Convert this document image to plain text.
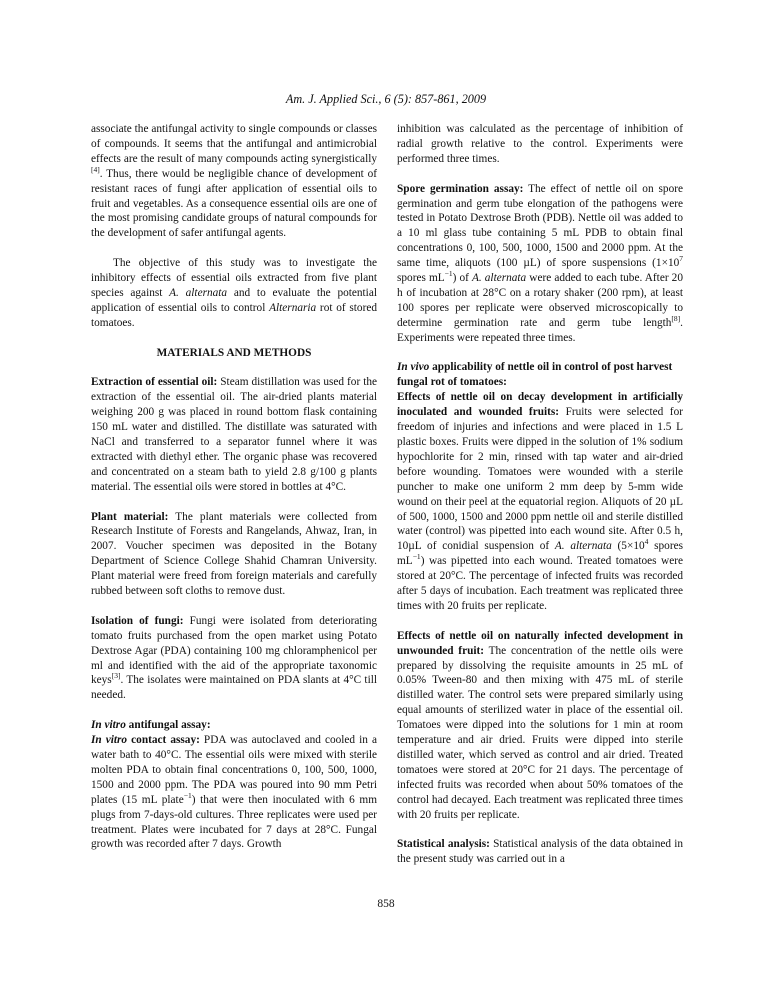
Am. J. Applied Sci., 6 (5): 857-861, 2009

associate the antifungal activity to single compounds or classes of compounds. It seems that the antifungal and antimicrobial effects are the result of many compounds acting synergistically [4]. Thus, there would be negligible chance of development of resistant races of fungi after application of essential oils to fruit and vegetables. As a consequence essential oils are one of the most promising candidate groups of natural compounds for the development of safer antifungal agents.

The objective of this study was to investigate the inhibitory effects of essential oils extracted from five plant species against A. alternata and to evaluate the potential application of essential oils to control Alternaria rot of stored tomatoes.

MATERIALS AND METHODS

Extraction of essential oil: Steam distillation was used for the extraction of the essential oil. The air-dried plants material weighing 200 g was placed in round bottom flask containing 150 mL water and distilled. The distillate was saturated with NaCl and transferred to a separator funnel where it was extracted with diethyl ether. The organic phase was recovered and concentrated on a steam bath to yield 2.8 g/100 g plants material. The essential oils were stored in bottles at 4°C.

Plant material: The plant materials were collected from Research Institute of Forests and Rangelands, Ahwaz, Iran, in 2007. Voucher specimen was deposited in the Botany Department of Science College Shahid Chamran University. Plant material were freed from foreign materials and carefully rubbed between soft cloths to remove dust.

Isolation of fungi: Fungi were isolated from deteriorating tomato fruits purchased from the open market using Potato Dextrose Agar (PDA) containing 100 mg chloramphenicol per ml and identified with the aid of the appropriate taxonomic keys[3]. The isolates were maintained on PDA slants at 4°C till needed.

In vitro antifungal assay:

In vitro contact assay: PDA was autoclaved and cooled in a water bath to 40°C. The essential oils were mixed with sterile molten PDA to obtain final concentrations 0, 100, 500, 1000, 1500 and 2000 ppm. The PDA was poured into 90 mm Petri plates (15 mL plate$^{-1}$) that were then inoculated with 6 mm plugs from 7-days-old cultures. Three replicates were used per treatment. Plates were incubated for 7 days at 28°C. Fungal growth was recorded after 7 days. Growth

inhibition was calculated as the percentage of inhibition of radial growth relative to the control. Experiments were performed three times.

Spore germination assay: The effect of nettle oil on spore germination and germ tube elongation of the pathogens were tested in Potato Dextrose Broth (PDB). Nettle oil was added to a 10 ml glass tube containing 5 mL PDB to obtain final concentrations 0, 100, 500, 1000, 1500 and 2000 ppm. At the same time, aliquots (100 µL) of spore suspensions ($1\times 10^7$ spores $mL^{-1}$) of A. alternata were added to each tube. After 20 h of incubation at 28°C on a rotary shaker (200 rpm), at least 100 spores per replicate were observed microscopically to determine germination rate and germ tube length[8]. Experiments were repeated three times.

In vivo applicability of nettle oil in control of post harvest fungal rot of tomatoes:

Effects of nettle oil on decay development in artificially inoculated and wounded fruits: Fruits were selected for freedom of injuries and infections and were placed in 1.5 L plastic boxes. Fruits were dipped in the solution of 1% sodium hypochlorite for 2 min, rinsed with tap water and air-dried before wounding. Tomatoes were wounded with a sterile puncher to make one uniform 2 mm deep by 5-mm wide wound on their peel at the equatorial region. Aliquots of 20 µL of 500, 1000, 1500 and 2000 ppm nettle oil and sterile distilled water (control) was pipetted into each wound site. After 0.5 h, 10µL of conidial suspension of A. alternata ($5\times 10^4$ spores $mL^{-1}$) was pipetted into each wound. Treated tomatoes were stored at 20°C. The percentage of infected fruits was recorded after 5 days of incubation. Each treatment was replicated three times with 20 fruits per replicate.

Effects of nettle oil on naturally infected development in unwounded fruit: The concentration of the nettle oils were prepared by dissolving the requisite amounts in 25 mL of 0.05% Tween-80 and then mixing with 475 mL of sterile distilled water. The control sets were prepared similarly using equal amounts of sterilized water in place of the essential oil. Tomatoes were dipped into the solutions for 1 min at room temperature and air dried. Fruits were dipped into sterile distilled water, which served as control and air dried. Treated tomatoes were stored at 20°C for 21 days. The percentage of infected fruits was recorded when about 50% tomatoes of the control had decayed. Each treatment was replicated three times with 20 fruits per replicate.

Statistical analysis: Statistical analysis of the data obtained in the present study was carried out in a

858
